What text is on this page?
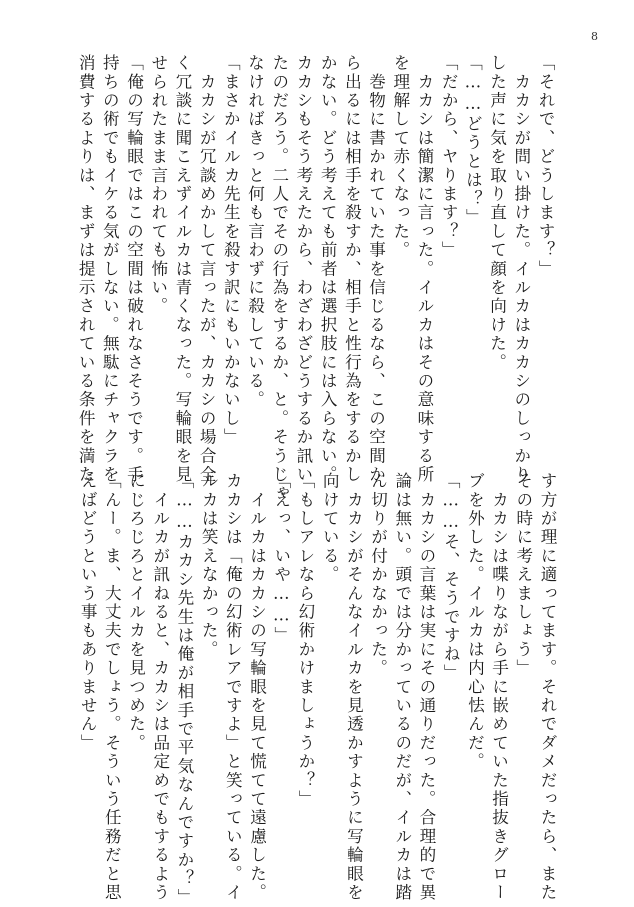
8
「それで、どうします？」
　カカシが問い掛けた。イルカはカカシのしっかり
した声に気を取り直して顔を向けた。
「……どうとは？」
「だから、ヤります？」
　カカシは簡潔に言った。イルカはその意味する所
を理解して赤くなった。
　巻物に書かれていた事を信じるなら、この空間か
ら出るには相手を殺すか、相手と性行為をするかし
かない。どう考えても前者は選択肢には入らない。
カカシもそう考えたから、わざわざどうするか訊い
たのだろう。二人でその行為をするか、と。そうじゃ
なければきっと何も言わずに殺している。
「まさかイルカ先生を殺す訳にもいかないし」
　カカシが冗談めかして言ったが、カカシの場合全
く冗談に聞こえずイルカは青くなった。写輪眼を見
せられたまま言われても怖い。
「俺の写輪眼ではこの空間は破れなさそうです。手
持ちの術でもイケる気がしない。無駄にチャクラを
消費するよりは、まずは提示されている条件を満た
す方が理に適ってます。それでダメだったら、また
その時に考えましょう」
　カカシは喋りながら手に嵌めていた指抜きグロー
ブを外した。イルカは内心怯んだ。
「……そ、そうですね」
　カカシの言葉は実にその通りだった。合理的で異
論は無い。頭では分かっているのだが、イルカは踏
ん切りが付かなかった。
　カカシがそんなイルカを見透かすように写輪眼を
向けている。
「もしアレなら幻術かけましょうか？」
「えっ、いや……」
　イルカはカカシの写輪眼を見て慌てて遠慮した。
カカシは「俺の幻術レアですよ」と笑っている。イ
ルカは笑えなかった。
「……カカシ先生は俺が相手で平気なんですか？」
　イルカが訊ねると、カカシは品定めでもするよう
にじろじろとイルカを見つめた。
「んー。ま、大丈夫でしょう。そういう任務だと思
えばどうという事もありません」
